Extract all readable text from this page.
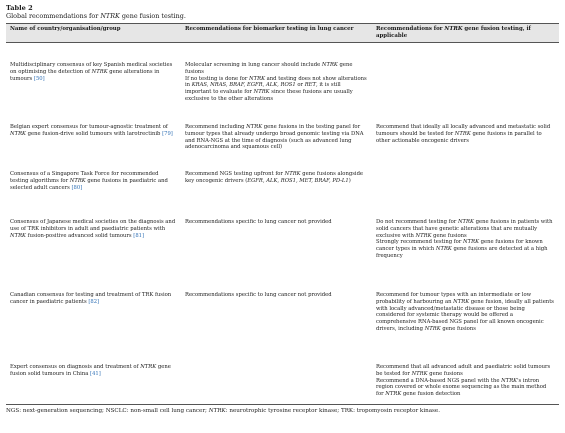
Table 2
Global recommendations for NTRK gene fusion testing.
Name of country/organisation/group	Recommendations for biomarker testing in lung cancer	Recommendations for NTRK gene fusion testing, if applicable
Multidisciplinary consensus of key Spanish medical societies on optimising the detection of NTRK gene alterations in tumours [50]	Molecular screening in lung cancer should include NTRK gene fusions
If no testing is done for NTRK and testing does not show alterations in KRAS, NRAS, BRAF, EGFR, ALK, ROS1 or RET, it is still important to evaluate for NTRK since these fusions are usually exclusive to the other alterations	

Belgian expert consensus for tumour-agnostic treatment of NTRK gene fusion-drive solid tumours with larotrectinib [79]	Recommend including NTRK gene fusions in the testing panel for tumour types that already undergo broad genomic testing via DNA and RNA-NGS at the time of diagnosis (such as advanced lung adenocarcinoma and squamous cell)	Recommend that ideally all locally advanced and metastatic solid tumours should be tested for NTRK gene fusions in parallel to other actionable oncogenic drivers

Consensus of a Singapore Task Force for recommended testing algorithms for NTRK gene fusions in paediatric and selected adult cancers [80]	Recommend NGS testing upfront for NTRK gene fusions alongside key oncogenic drivers (EGFR, ALK, ROS1, MET, BRAF, PD-L1)	

Consensus of Japanese medical societies on the diagnosis and use of TRK inhibitors in adult and paediatric patients with NTRK fusion-positive advanced solid tumours [81]	Recommendations specific to lung cancer not provided	Do not recommend testing for NTRK gene fusions in patients with solid cancers that have genetic alterations that are mutually exclusive with NTRK gene fusions
Strongly recommend testing for NTRK gene fusions for known cancer types in which NTRK gene fusions are detected at a high frequency

Canadian consensus for testing and treatment of TRK fusion cancer in paediatric patients [82]	Recommendations specific to lung cancer not provided	Recommend for tumour types with an intermediate or low probability of harbouring an NTRK gene fusion, ideally all patients with locally advanced/metastatic disease or those being considered for systemic therapy would be offered a comprehensive RNA-based NGS panel for all known oncogenic drivers, including NTRK gene fusions

Expert consensus on diagnosis and treatment of NTRK gene fusion solid tumours in China [41]		Recommend that all advanced adult and paediatric solid tumours be tested for NTRK gene fusions
Recommend a DNA-based NGS panel with the NTRK's intron region covered or whole exome sequencing as the main method for NTRK gene fusion detection
NGS: next-generation sequencing; NSCLC: non-small cell lung cancer; NTRK: neurotrophic tyrosine receptor kinase; TRK: tropomyosin receptor kinase.
